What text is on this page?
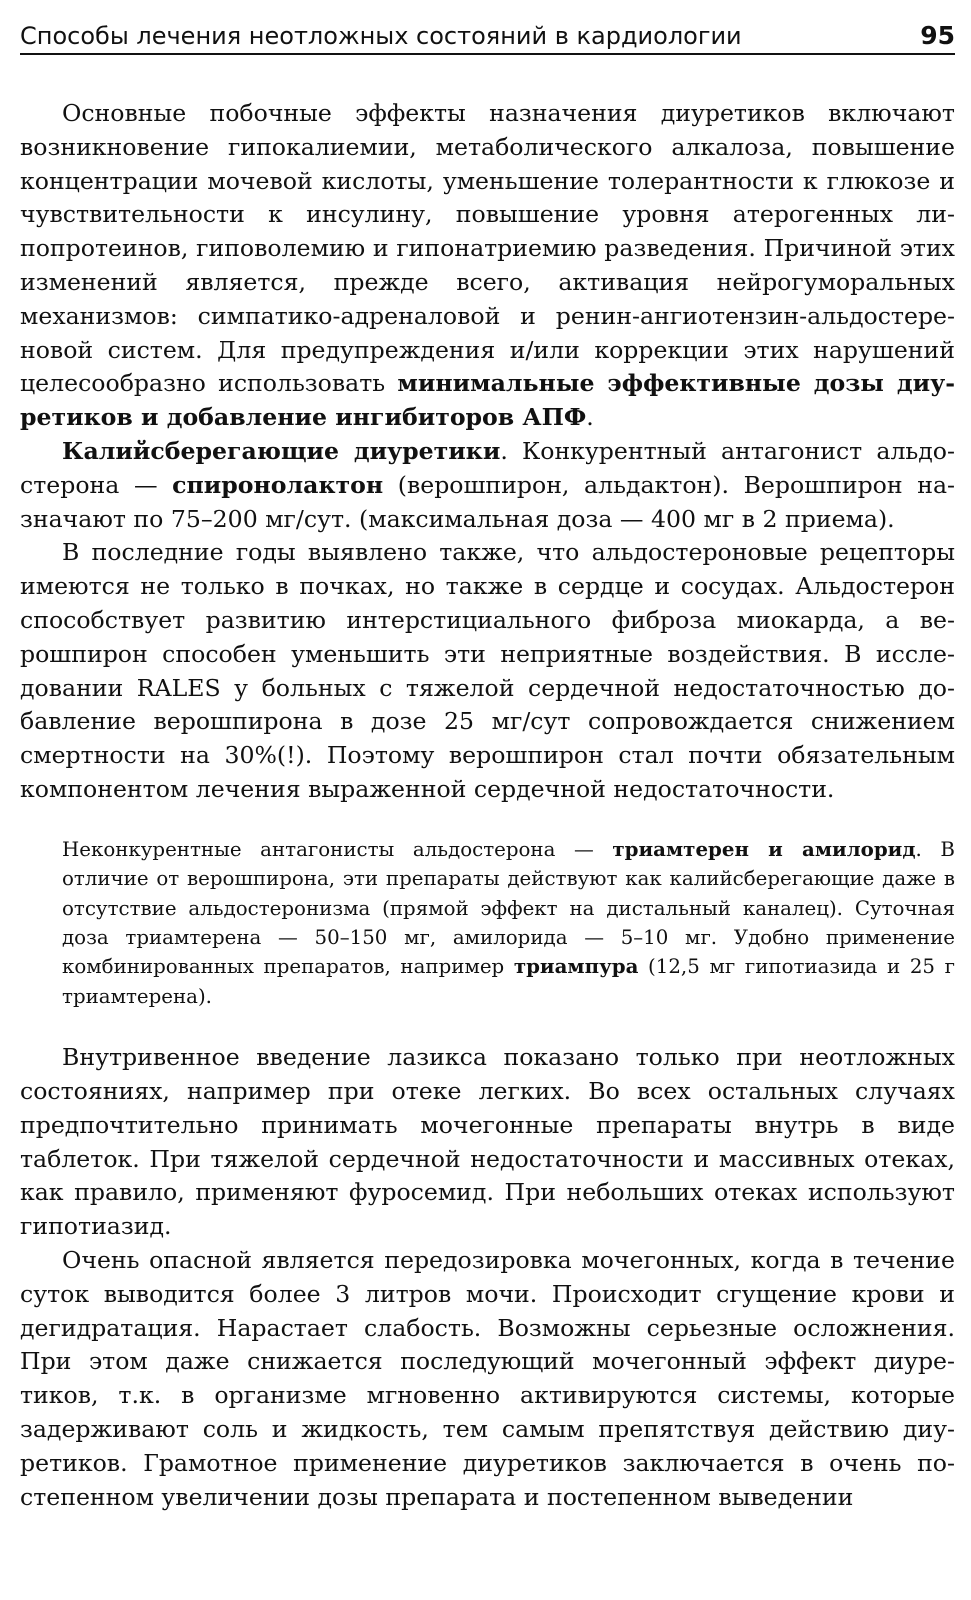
Способы лечения неотложных состояний в кардиологии	95

Основные побочные эффекты назначения диуретиков включают возникновение гипокалиемии, метаболического алкалоза, повышение концентрации мочевой кислоты, уменьшение толерантности к глюкозе и чувствительности к инсулину, повышение уровня атерогенных липопротеинов, гиповолемию и гипонатриемию разведения. Причиной этих изменений является, прежде всего, активация нейрогуморальных механизмов: симпатико-адреналовой и ренин-ангиотензин-альдостереновой систем. Для предупреждения и/или коррекции этих нарушений целесообразно использовать минимальные эффективные дозы диуретиков и добавление ингибиторов АПФ.

Калийсберегающие диуретики. Конкурентный антагонист альдостерона — спиронолактон (верошпирон, альдактон). Верошпирон назначают по 75–200 мг/сут. (максимальная доза — 400 мг в 2 приема).

В последние годы выявлено также, что альдостероновые рецепторы имеются не только в почках, но также в сердце и сосудах. Альдостерон способствует развитию интерстициального фиброза миокарда, а верошпирон способен уменьшить эти неприятные воздействия. В исследовании RALES у больных с тяжелой сердечной недостаточностью добавление верошпирона в дозе 25 мг/сут сопровождается снижением смертности на 30%(!). Поэтому верошпирон стал почти обязательным компонентом лечения выраженной сердечной недостаточности.

Неконкурентные антагонисты альдостерона — триамтерен и амилорид. В отличие от верошпирона, эти препараты действуют как калийсберегающие даже в отсутствие альдостеронизма (прямой эффект на дистальный каналец). Суточная доза триамтерена — 50–150 мг, амилорида — 5–10 мг. Удобно применение комбинированных препаратов, например триампура (12,5 мг гипотиазида и 25 г триамтерена).

Внутривенное введение лазикса показано только при неотложных состояниях, например при отеке легких. Во всех остальных случаях предпочтительно принимать мочегонные препараты внутрь в виде таблеток. При тяжелой сердечной недостаточности и массивных отеках, как правило, применяют фуросемид. При небольших отеках используют гипотиазид.

Очень опасной является передозировка мочегонных, когда в течение суток выводится более 3 литров мочи. Происходит сгущение крови и дегидратация. Нарастает слабость. Возможны серьезные осложнения. При этом даже снижается последующий мочегонный эффект диуретиков, т.к. в организме мгновенно активируются системы, которые задерживают соль и жидкость, тем самым препятствуя действию диуретиков. Грамотное применение диуретиков заключается в очень постепенном увеличении дозы препарата и постепенном выведении
